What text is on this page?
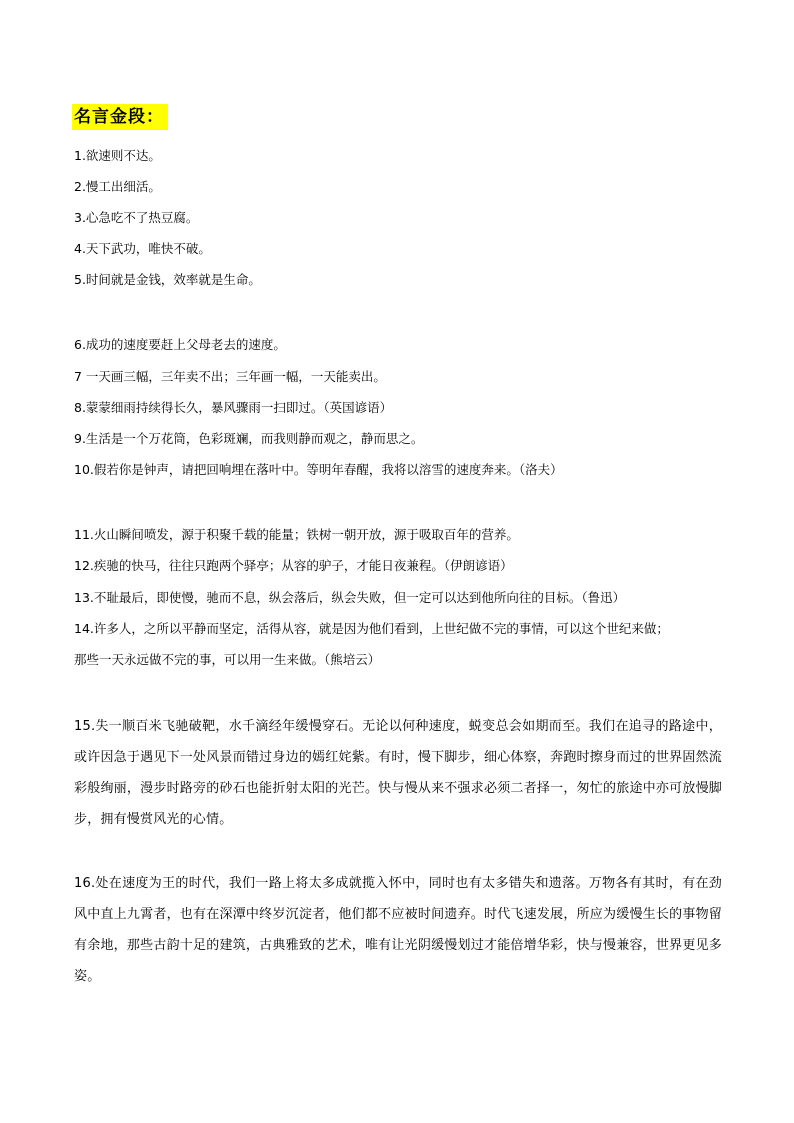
名言金段：
1.欲速则不达。
2.慢工出细活。
3.心急吃不了热豆腐。
4.天下武功，唯快不破。
5.时间就是金钱，效率就是生命。
6.成功的速度要赶上父母老去的速度。
7 一天画三幅，三年卖不出；三年画一幅，一天能卖出。
8.蒙蒙细雨持续得长久，暴风骤雨一扫即过。（英国谚语）
9.生活是一个万花筒，色彩斑斓，而我则静而观之，静而思之。
10.假若你是钟声，请把回响埋在落叶中。等明年春醒，我将以溶雪的速度奔来。（洛夫）
11.火山瞬间喷发，源于积聚千载的能量；铁树一朝开放，源于吸取百年的营养。
12.疾驰的快马，往往只跑两个驿亭；从容的驴子，才能日夜兼程。（伊朗谚语）
13.不耻最后，即使慢，驰而不息，纵会落后，纵会失败，但一定可以达到他所向往的目标。（鲁迅）
14.许多人，之所以平静而坚定，活得从容，就是因为他们看到，上世纪做不完的事情，可以这个世纪来做；
那些一天永远做不完的事，可以用一生来做。（熊培云）
15.失一顺百米飞驰破靶，水千滴经年缓慢穿石。无论以何种速度，蜕变总会如期而至。我们在追寻的路途中，或许因急于遇见下一处风景而错过身边的嫣红姹紫。有时，慢下脚步，细心体察，奔跑时擦身而过的世界固然流彩般绚丽，漫步时路旁的砂石也能折射太阳的光芒。快与慢从来不强求必须二者择一，匆忙的旅途中亦可放慢脚步，拥有慢赏风光的心情。
16.处在速度为王的时代，我们一路上将太多成就揽入怀中，同时也有太多错失和遗落。万物各有其时，有在劲风中直上九霄者，也有在深潭中终岁沉淀者，他们都不应被时间遗弃。时代飞速发展，所应为缓慢生长的事物留有余地，那些古韵十足的建筑，古典雅致的艺术，唯有让光阴缓慢划过才能倍增华彩，快与慢兼容，世界更见多姿。
